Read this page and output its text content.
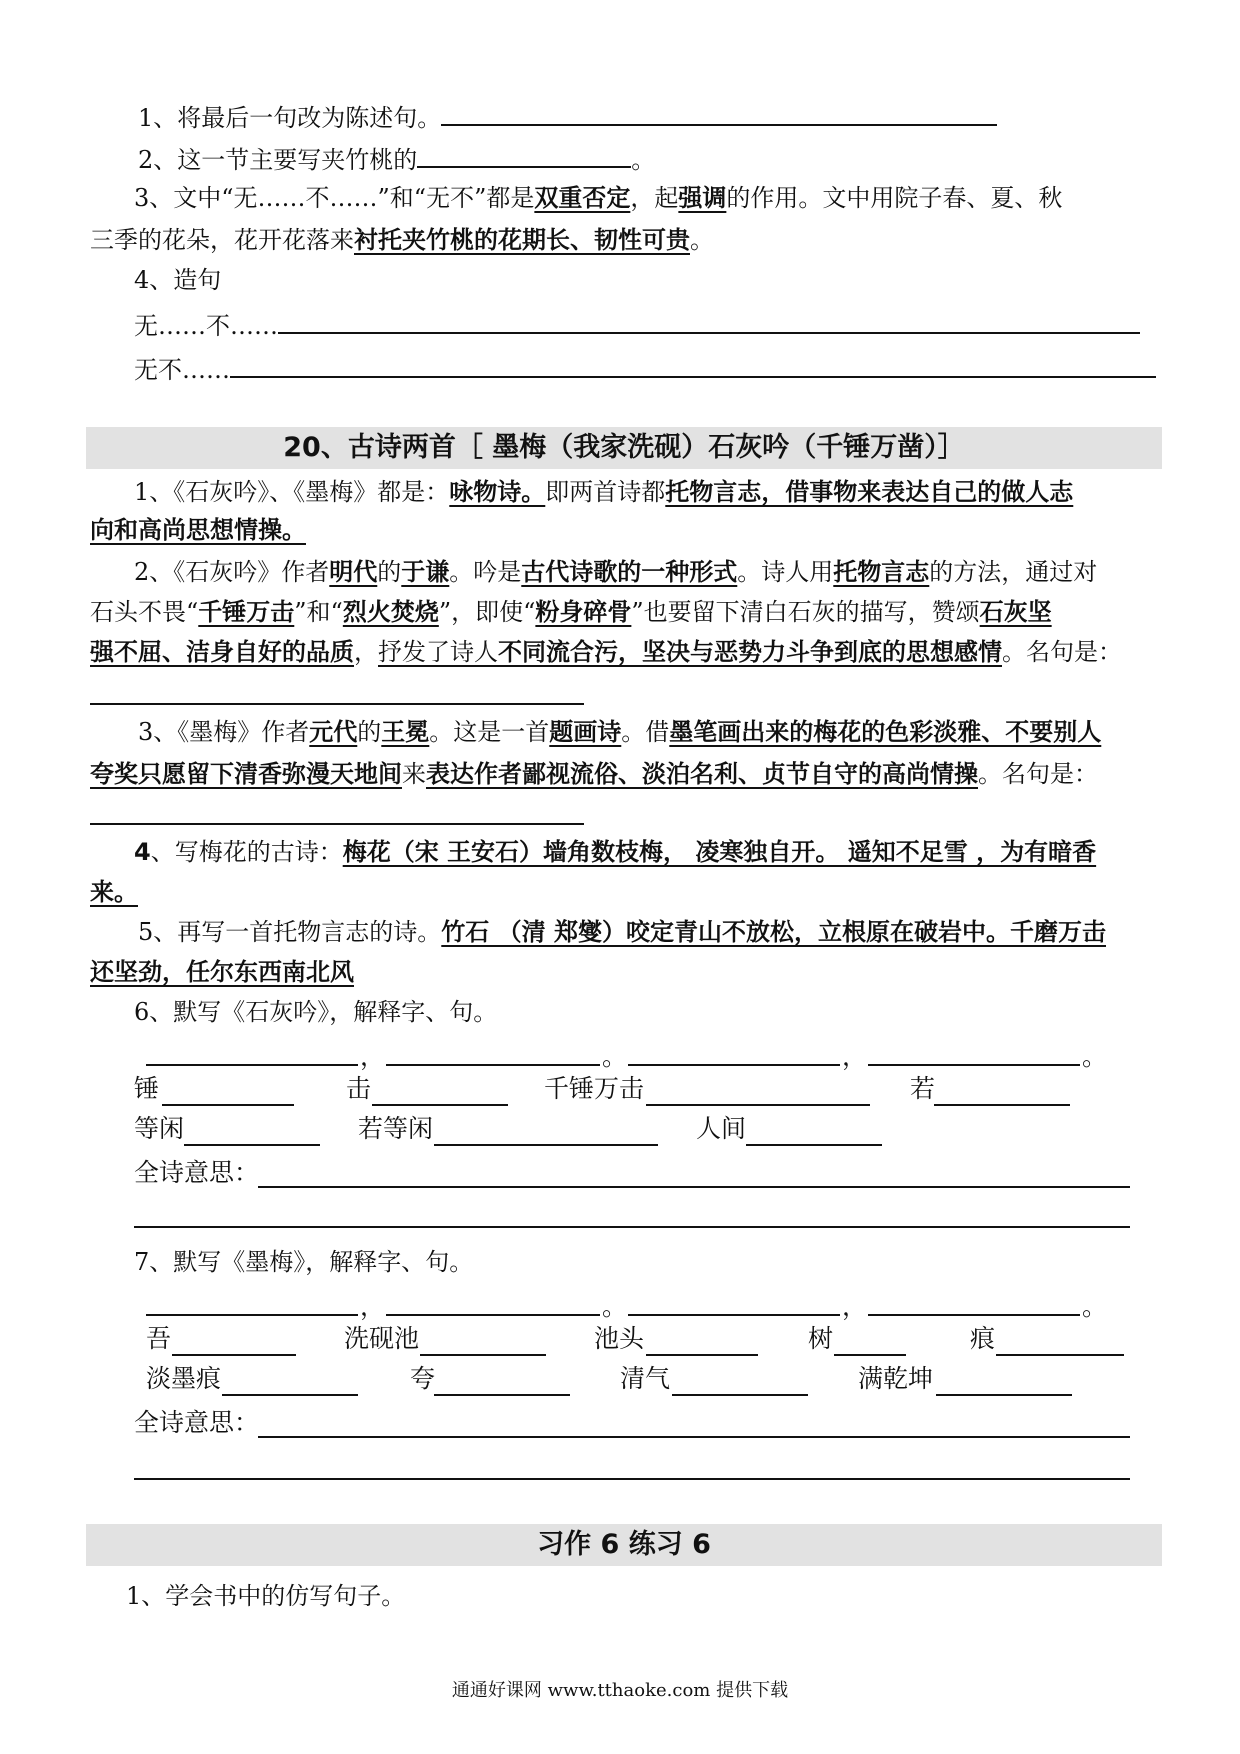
1、将最后一句改为陈述句。
2、这一节主要写夹竹桃的	。
3、文中“无……不……”和“无不”都是双重否定，起强调的作用。文中用院子春、夏、秋
三季的花朵，花开花落来衬托夹竹桃的花期长、韧性可贵。
4、造句
无……不……
无不……
20、古诗两首［ 墨梅（我家洗砚）石灰吟（千锤万凿）］
1、《石灰吟》、《墨梅》都是：咏物诗。即两首诗都托物言志，借事物来表达自己的做人志
向和高尚思想情操。
2、《石灰吟》作者明代的于谦。吟是古代诗歌的一种形式。诗人用托物言志的方法，通过对
石头不畏“千锤万击”和“烈火焚烧”，即使“粉身碎骨”也要留下清白石灰的描写，赞颂石灰坚
强不屈、洁身自好的品质，抒发了诗人不同流合污，坚决与恶势力斗争到底的思想感情。名句是：
3、《墨梅》作者元代的王冕。这是一首题画诗。借墨笔画出来的梅花的色彩淡雅、不要别人
夸奖只愿留下清香弥漫天地间来表达作者鄙视流俗、淡泊名利、贞节自守的高尚情操。名句是：
4、写梅花的古诗：梅花（宋 王安石）墙角数枝梅， 凌寒独自开。 遥知不足雪 ，为有暗香
来。
5、再写一首托物言志的诗。竹石 （清 郑燮）咬定青山不放松，立根原在破岩中。千磨万击
还坚劲，任尔东西南北风
6、默写《石灰吟》，解释字、句。
，	。	，	。
锤	击	千锤万击	若
等闲	若等闲	人间
全诗意思：
7、默写《墨梅》，解释字、句。
，	。	，	。
吾	洗砚池	池头	树	痕
淡墨痕	夸	清气	满乾坤
全诗意思：
习作 6 练习 6
1、学会书中的仿写句子。
通通好课网 www.tthaoke.com 提供下载
